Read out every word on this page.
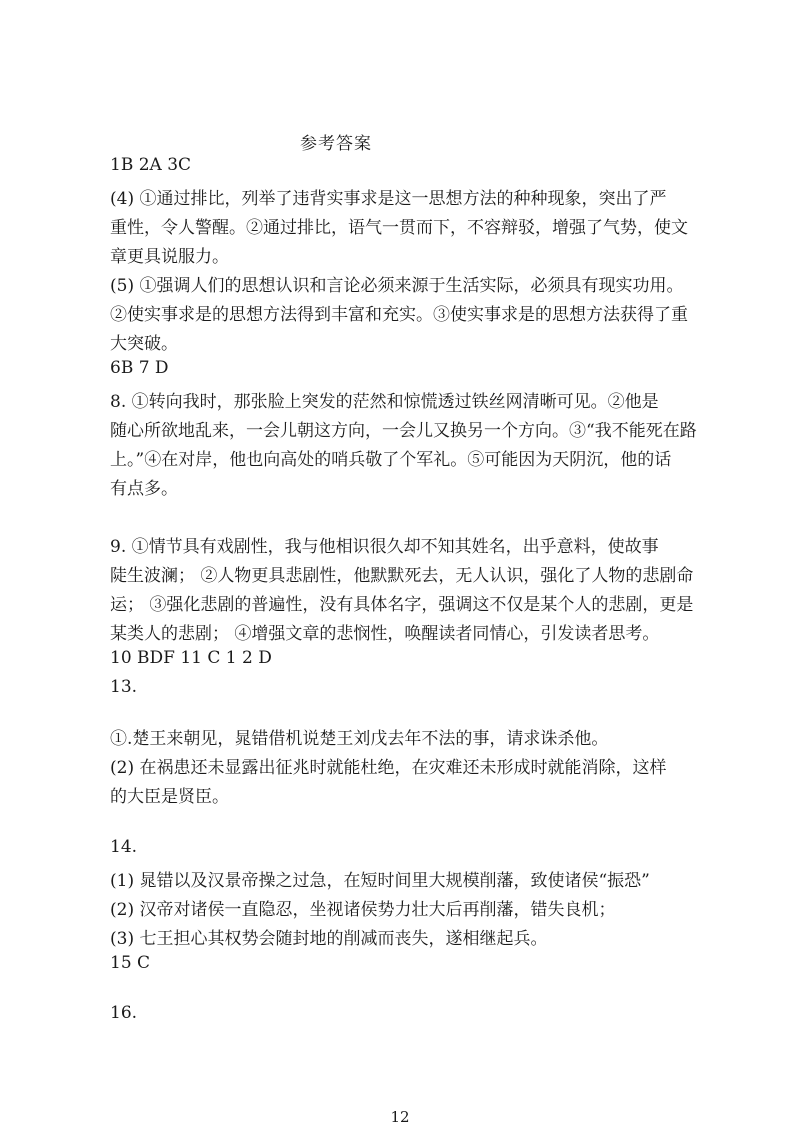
参考答案
1B 2A 3C
(4) ①通过排比，列举了违背实事求是这一思想方法的种种现象，突出了严
重性，令人警醒。②通过排比，语气一贯而下，不容辩驳，增强了气势，使文
章更具说服力。
(5) ①强调人们的思想认识和言论必须来源于生活实际，必须具有现实功用。
②使实事求是的思想方法得到丰富和充实。③使实事求是的思想方法获得了重
大突破。
6B 7 D
8. ①转向我时，那张脸上突发的茫然和惊慌透过铁丝网清晰可见。②他是
随心所欲地乱来，一会儿朝这方向，一会儿又换另一个方向。③“我不能死在路
上。”④在对岸，他也向高处的哨兵敬了个军礼。⑤可能因为天阴沉，他的话
有点多。
9. ①情节具有戏剧性，我与他相识很久却不知其姓名，出乎意料，使故事
陡生波澜； ②人物更具悲剧性，他默默死去，无人认识，强化了人物的悲剧命
运； ③强化悲剧的普遍性，没有具体名字，强调这不仅是某个人的悲剧，更是
某类人的悲剧； ④增强文章的悲悯性，唤醒读者同情心，引发读者思考。
10 BDF 11 C 1 2 D
13.
①.楚王来朝见，晁错借机说楚王刘戊去年不法的事，请求诛杀他。
(2) 在祸患还未显露出征兆时就能杜绝，在灾难还未形成时就能消除，这样
的大臣是贤臣。
14.
(1) 晁错以及汉景帝操之过急，在短时间里大规模削藩，致使诸侯“振恐”
(2) 汉帝对诸侯一直隐忍，坐视诸侯势力壮大后再削藩，错失良机；
(3) 七王担心其权势会随封地的削减而丧失，遂相继起兵。
15 C
16.
12
